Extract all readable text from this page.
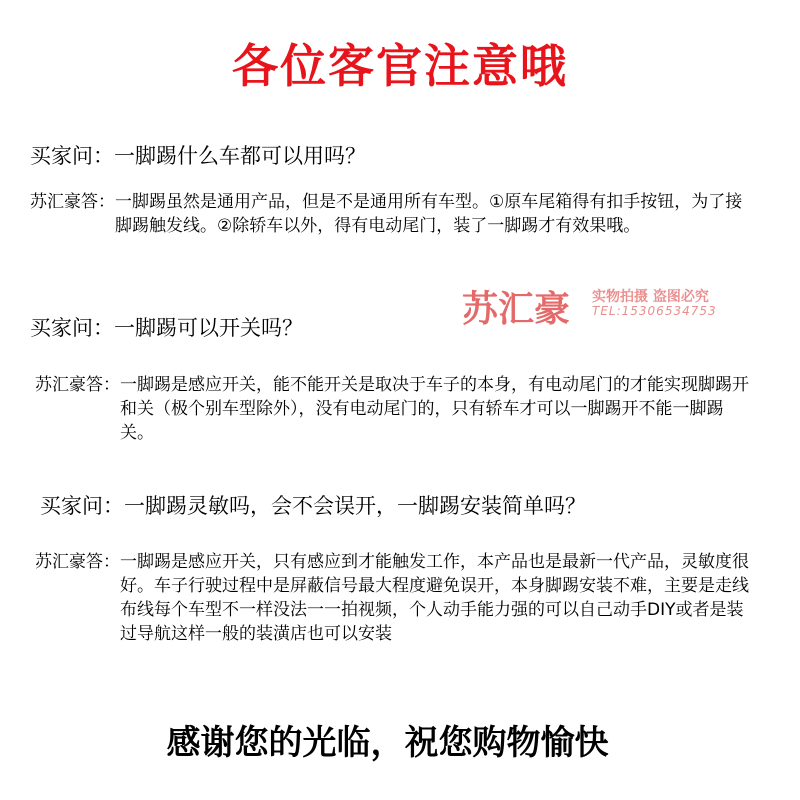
各位客官注意哦
买家问：一脚踢什么车都可以用吗？
苏汇豪答： 一脚踢虽然是通用产品，但是不是通用所有车型。①原车尾箱得有扣手按钮，为了接脚踢触发线。②除轿车以外，得有电动尾门，装了一脚踢才有效果哦。
苏汇豪 实物拍摄 盗图必究
TEL:15306534753
买家问：一脚踢可以开关吗？
苏汇豪答： 一脚踢是感应开关，能不能开关是取决于车子的本身，有电动尾门的才能实现脚踢开和关（极个别车型除外），没有电动尾门的，只有轿车才可以一脚踢开不能一脚踢关。
买家问：一脚踢灵敏吗，会不会误开，一脚踢安装简单吗？
苏汇豪答： 一脚踢是感应开关，只有感应到才能触发工作，本产品也是最新一代产品，灵敏度很好。车子行驶过程中是屏蔽信号最大程度避免误开，本身脚踢安装不难，主要是走线布线每个车型不一样没法一一拍视频，个人动手能力强的可以自己动手DIY或者是装过导航这样一般的装潢店也可以安装
感谢您的光临，祝您购物愉快
